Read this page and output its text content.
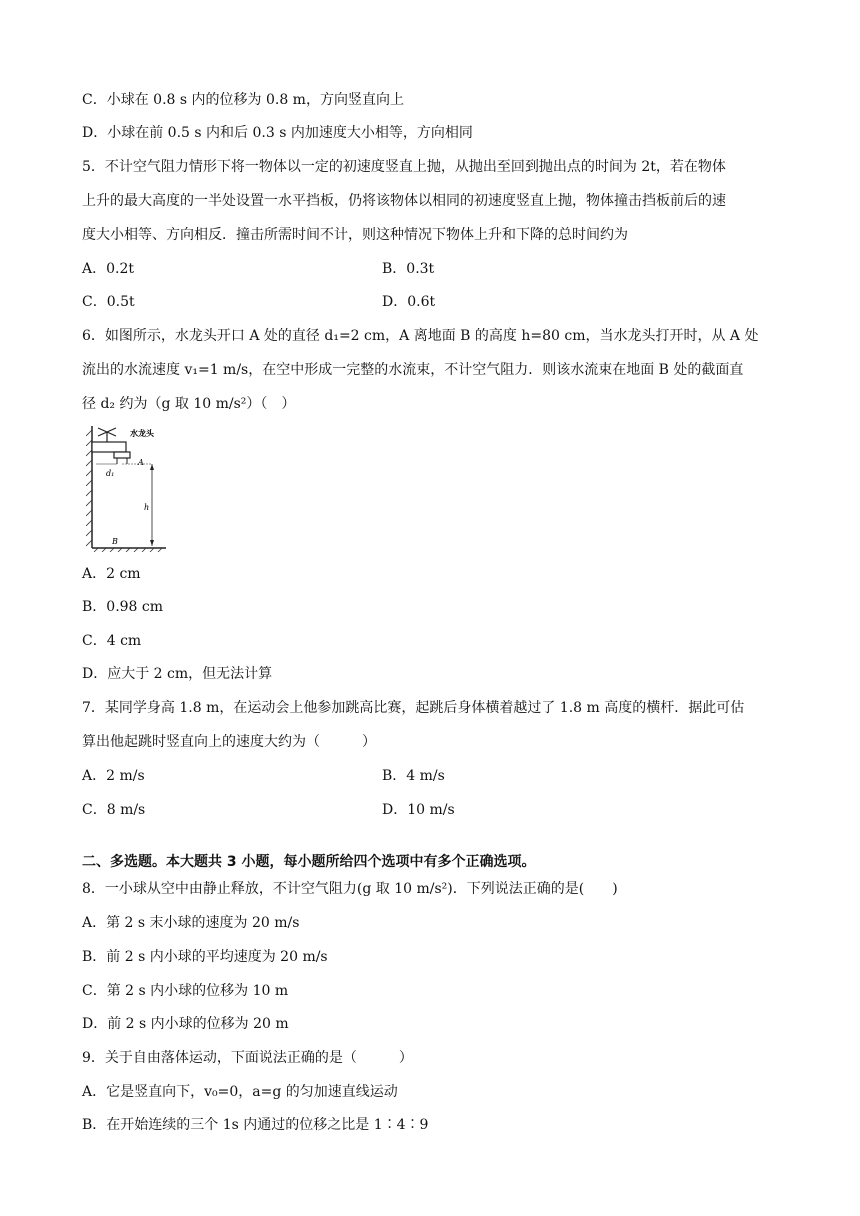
C．小球在 0.8 s 内的位移为 0.8 m，方向竖直向上
D．小球在前 0.5 s 内和后 0.3 s 内加速度大小相等，方向相同
5．不计空气阻力情形下将一物体以一定的初速度竖直上抛，从抛出至回到抛出点的时间为 2t，若在物体
上升的最大高度的一半处设置一水平挡板，仍将该物体以相同的初速度竖直上抛，物体撞击挡板前后的速
度大小相等、方向相反．撞击所需时间不计，则这种情况下物体上升和下降的总时间约为
A．0.2t	B．0.3t
C．0.5t	D．0.6t
6．如图所示，水龙头开口 A 处的直径 d₁=2 cm，A 离地面 B 的高度 h=80 cm，当水龙头打开时，从 A 处
流出的水流速度 v₁=1 m/s，在空中形成一完整的水流束，不计空气阻力．则该水流束在地面 B 处的截面直
径 d₂ 约为（g 取 10 m/s²）（　）
水龙头
A
d₁
h
B
A．2 cm
B．0.98 cm
C．4 cm
D．应大于 2 cm，但无法计算
7．某同学身高 1.8 m，在运动会上他参加跳高比赛，起跳后身体横着越过了 1.8 m 高度的横杆．据此可估
算出他起跳时竖直向上的速度大约为（　　　）
A．2 m/s	B．4 m/s
C．8 m/s	D．10 m/s
二、多选题。本大题共 3 小题，每小题所给四个选项中有多个正确选项。
8．一小球从空中由静止释放，不计空气阻力(g 取 10 m/s²)．下列说法正确的是(　　)
A．第 2 s 末小球的速度为 20 m/s
B．前 2 s 内小球的平均速度为 20 m/s
C．第 2 s 内小球的位移为 10 m
D．前 2 s 内小球的位移为 20 m
9．关于自由落体运动，下面说法正确的是（　　　）
A．它是竖直向下，v₀=0，a=g 的匀加速直线运动
B．在开始连续的三个 1s 内通过的位移之比是 1∶4∶9
